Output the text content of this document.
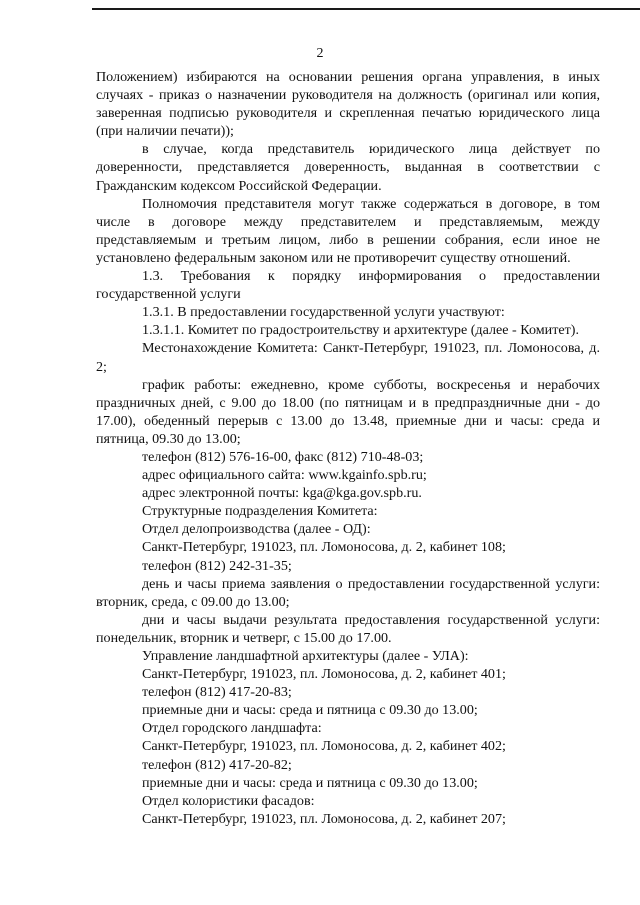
2

Положением) избираются на основании решения органа управления, в иных случаях - приказ о назначении руководителя на должность (оригинал или копия, заверенная подписью руководителя и скрепленная печатью юридического лица (при наличии печати));

в случае, когда представитель юридического лица действует по доверенности, представляется доверенность, выданная в соответствии с Гражданским кодексом Российской Федерации.

Полномочия представителя могут также содержаться в договоре, в том числе в договоре между представителем и представляемым, между представляемым и третьим лицом, либо в решении собрания, если иное не установлено федеральным законом или не противоречит существу отношений.

1.3. Требования к порядку информирования о предоставлении государственной услуги

1.3.1. В предоставлении государственной услуги участвуют:

1.3.1.1. Комитет по градостроительству и архитектуре (далее - Комитет).

Местонахождение Комитета: Санкт-Петербург, 191023, пл. Ломоносова, д. 2;

график работы: ежедневно, кроме субботы, воскресенья и нерабочих праздничных дней, с 9.00 до 18.00 (по пятницам и в предпраздничные дни - до 17.00), обеденный перерыв с 13.00 до 13.48, приемные дни и часы: среда и пятница, 09.30 до 13.00;

телефон (812) 576-16-00, факс (812) 710-48-03;

адрес официального сайта: www.kgainfo.spb.ru;

адрес электронной почты: kga@kga.gov.spb.ru.

Структурные подразделения Комитета:

Отдел делопроизводства (далее - ОД):

Санкт-Петербург, 191023, пл. Ломоносова, д. 2, кабинет 108;

телефон (812) 242-31-35;

день и часы приема заявления о предоставлении государственной услуги: вторник, среда, с 09.00 до 13.00;

дни и часы выдачи результата предоставления государственной услуги: понедельник, вторник и четверг, с 15.00 до 17.00.

Управление ландшафтной архитектуры (далее - УЛА):

Санкт-Петербург, 191023, пл. Ломоносова, д. 2, кабинет 401;

телефон (812) 417-20-83;

приемные дни и часы: среда и пятница с 09.30 до 13.00;

Отдел городского ландшафта:

Санкт-Петербург, 191023, пл. Ломоносова, д. 2, кабинет 402;

телефон (812) 417-20-82;

приемные дни и часы: среда и пятница с 09.30 до 13.00;

Отдел колористики фасадов:

Санкт-Петербург, 191023, пл. Ломоносова, д. 2, кабинет 207;
